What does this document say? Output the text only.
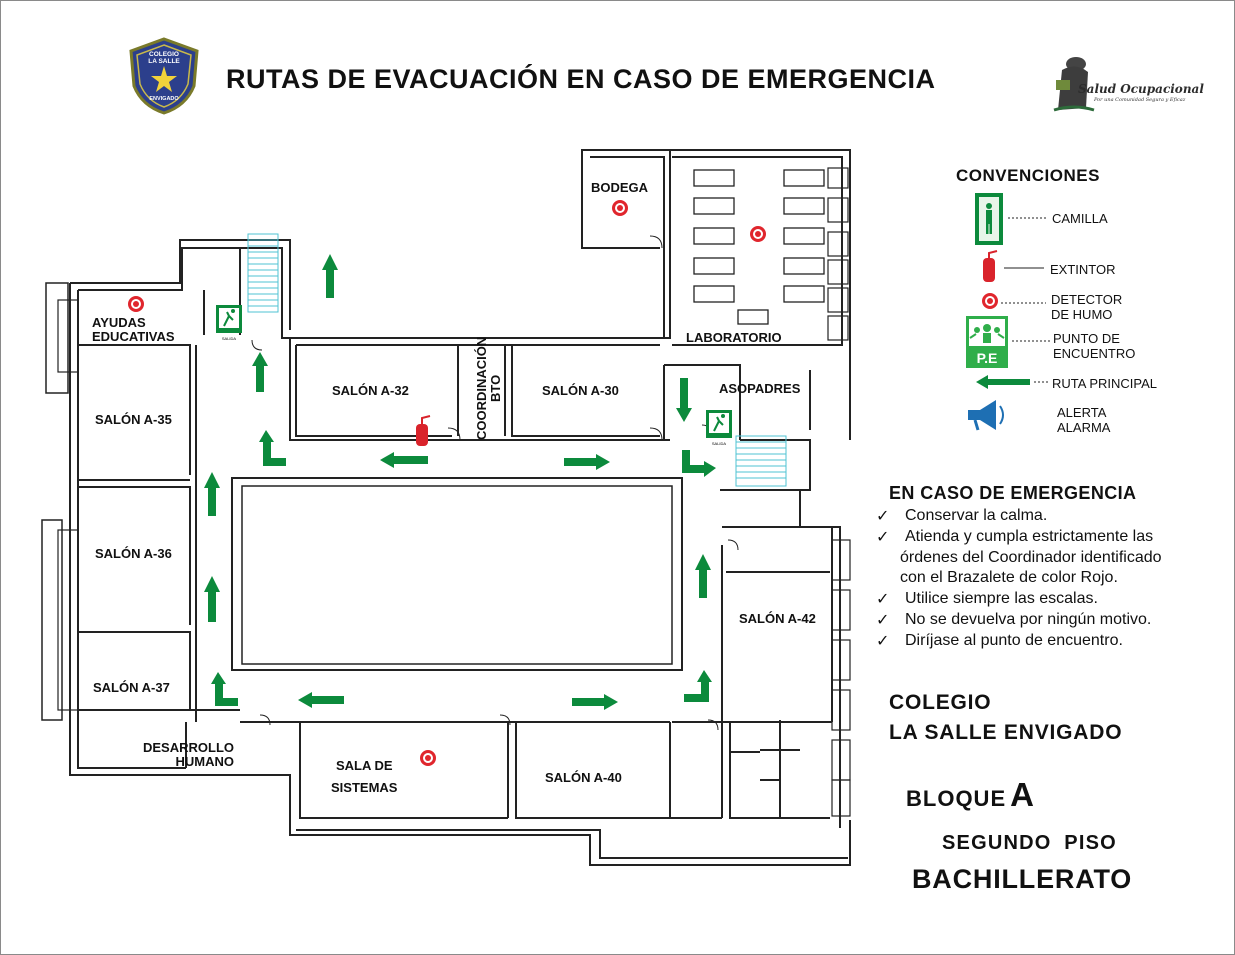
COLEGIO
LA SALLE
ENVIGADO
RUTAS DE EVACUACIÓN EN CASO DE EMERGENCIA	Salud Ocupacional
Por una Comunidad Segura y Eficaz
SALIDA
SALIDA
BODEGA
AYUDAS
EDUCATIVAS
SALÓN A-32	COORDINACIÓN
BTO	SALÓN A-30
LABORATORIO
ASOPADRES
SALÓN A-35
SALÓN A-36
SALÓN A-37
SALÓN A-42
DESARROLLO
HUMANO	SALA DE
SISTEMAS
SALÓN A-40
CONVENCIONES
P.E
CAMILLA
EXTINTOR
DETECTOR
DE HUMO
PUNTO DE
ENCUENTRO
RUTA PRINCIPAL
ALERTA
ALARMA
EN CASO DE EMERGENCIA
✓ Conservar la calma.
✓ Atienda y cumpla estrictamente las
órdenes del Coordinador identificado
con el Brazalete de color Rojo.
✓ Utilice siempre las escalas.
✓ No se devuelva por ningún motivo.
✓ Diríjase al punto de encuentro.
COLEGIO
LA SALLE ENVIGADO
BLOQUE A
SEGUNDO PISO
BACHILLERATO
